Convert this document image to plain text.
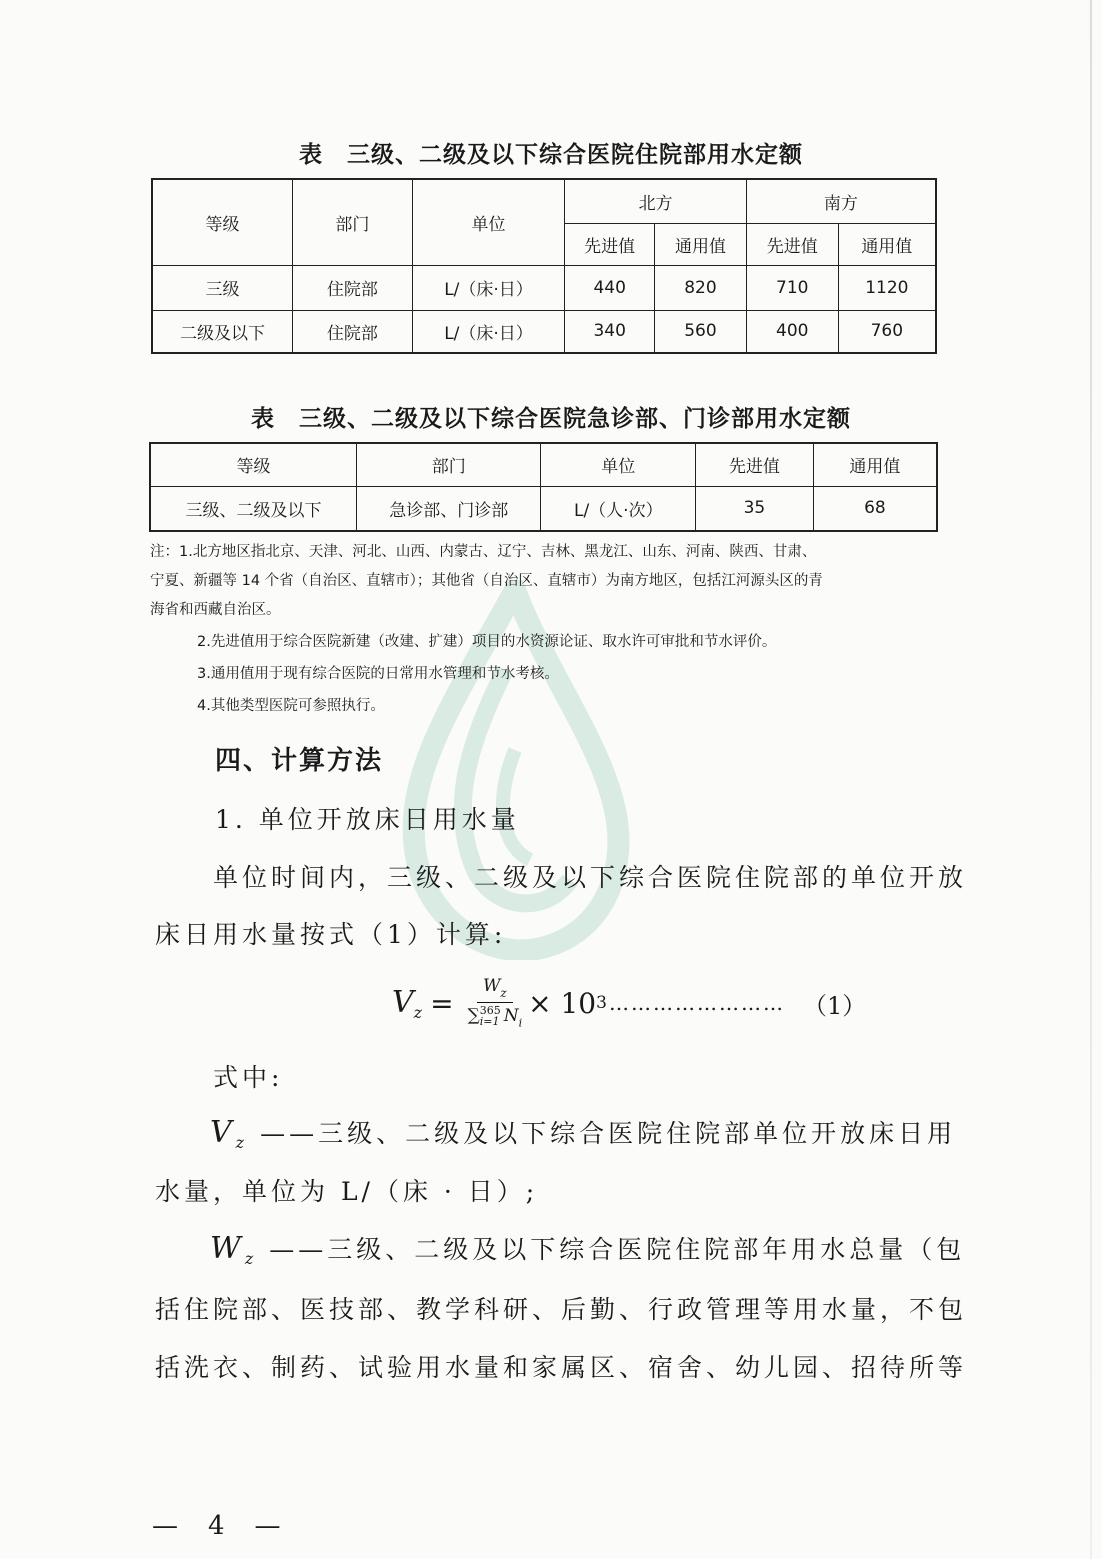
表　三级、二级及以下综合医院住院部用水定额
等级	部门	单位	北方		南方	
			先进值	通用值	先进值	通用值
三级	住院部	L/（床·日）	440	820	710	1120
二级及以下	住院部	L/（床·日）	340	560	400	760
表　三级、二级及以下综合医院急诊部、门诊部用水定额
等级	部门	单位	先进值	通用值
三级、二级及以下	急诊部、门诊部	L/（人·次）	35	68
注：1.北方地区指北京、天津、河北、山西、内蒙古、辽宁、吉林、黑龙江、山东、河南、陕西、甘肃、
宁夏、新疆等 14 个省（自治区、直辖市）；其他省（自治区、直辖市）为南方地区，包括江河源头区的青
海省和西藏自治区。
2.先进值用于综合医院新建（改建、扩建）项目的水资源论证、取水许可审批和节水评价。
3.通用值用于现有综合医院的日常用水管理和节水考核。
4.其他类型医院可参照执行。
四、计算方法
1. 单位开放床日用水量
单位时间内，三级、二级及以下综合医院住院部的单位开放
床日用水量按式（1）计算:
$V_z = W_z$
∑ 365
i=1 $N_i \times 10$ 3 …………………… （1）
式中:
$V_z$ ——三级、二级及以下综合医院住院部单位开放床日用
水量，单位为 L/（床 · 日）;
$W_z$ ——三级、二级及以下综合医院住院部年用水总量（包
括住院部、医技部、教学科研、后勤、行政管理等用水量，不包
括洗衣、制药、试验用水量和家属区、宿舍、幼儿园、招待所等
—　4　—
